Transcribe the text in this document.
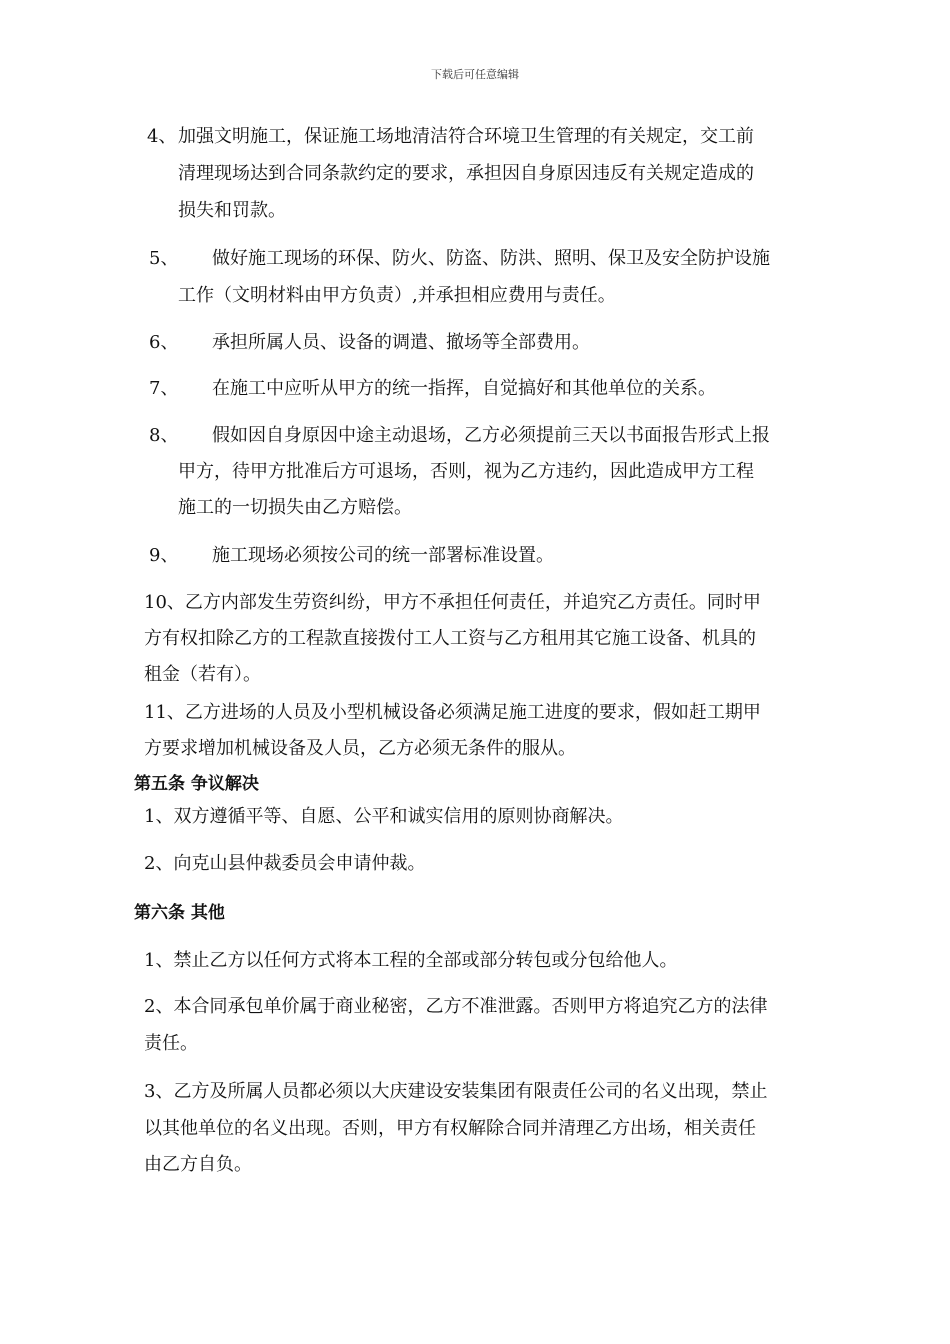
下载后可任意编辑
4、 加强文明施工，保证施工场地清洁符合环境卫生管理的有关规定，交工前
清理现场达到合同条款约定的要求，承担因自身原因违反有关规定造成的
损失和罚款。
5、 做好施工现场的环保、防火、防盗、防洪、照明、保卫及安全防护设施
工作（文明材料由甲方负责）,并承担相应费用与责任。
6、 承担所属人员、设备的调遣、撤场等全部费用。
7、 在施工中应听从甲方的统一指挥，自觉搞好和其他单位的关系。
8、 假如因自身原因中途主动退场，乙方必须提前三天以书面报告形式上报
甲方，待甲方批准后方可退场，否则，视为乙方违约，因此造成甲方工程
施工的一切损失由乙方赔偿。
9、 施工现场必须按公司的统一部署标准设置。
10、乙方内部发生劳资纠纷，甲方不承担任何责任，并追究乙方责任。同时甲
方有权扣除乙方的工程款直接拨付工人工资与乙方租用其它施工设备、机具的
租金（若有）。
11、乙方进场的人员及小型机械设备必须满足施工进度的要求，假如赶工期甲
方要求增加机械设备及人员，乙方必须无条件的服从。
第五条 争议解决
1、双方遵循平等、自愿、公平和诚实信用的原则协商解决。
2、向克山县仲裁委员会申请仲裁。
第六条 其他
1、禁止乙方以任何方式将本工程的全部或部分转包或分包给他人。
2、本合同承包单价属于商业秘密，乙方不准泄露。否则甲方将追究乙方的法律
责任。
3、乙方及所属人员都必须以大庆建设安装集团有限责任公司的名义出现，禁止
以其他单位的名义出现。否则，甲方有权解除合同并清理乙方出场，相关责任
由乙方自负。
